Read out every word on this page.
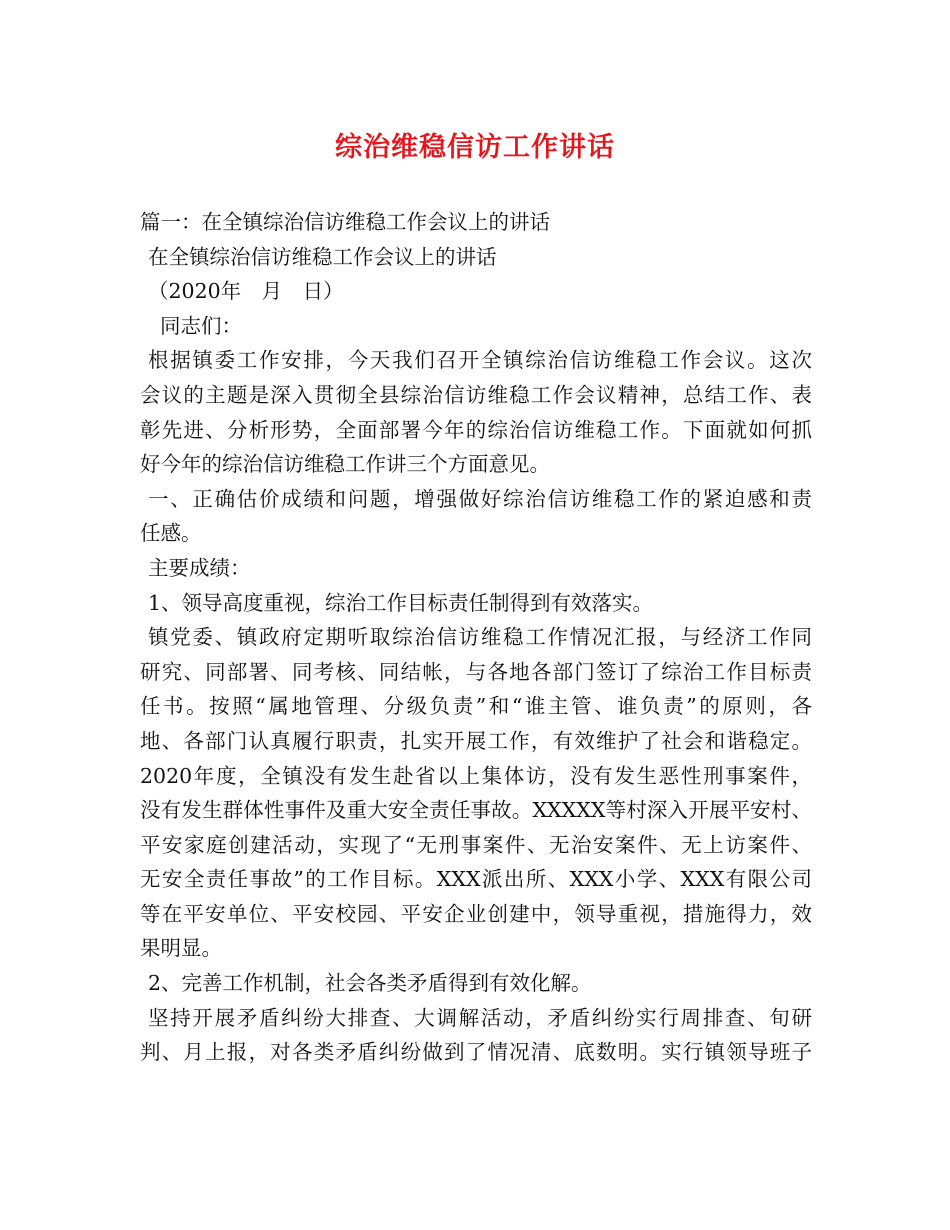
综治维稳信访工作讲话
篇一：在全镇综治信访维稳工作会议上的讲话
在全镇综治信访维稳工作会议上的讲话
（2020年　月　日）
同志们：
根据镇委工作安排，今天我们召开全镇综治信访维稳工作会议。这次
会议的主题是深入贯彻全县综治信访维稳工作会议精神，总结工作、表
彰先进、分析形势，全面部署今年的综治信访维稳工作。下面就如何抓
好今年的综治信访维稳工作讲三个方面意见。
一、正确估价成绩和问题，增强做好综治信访维稳工作的紧迫感和责
任感。
主要成绩：
1、领导高度重视，综治工作目标责任制得到有效落实。
镇党委、镇政府定期听取综治信访维稳工作情况汇报，与经济工作同
研究、同部署、同考核、同结帐，与各地各部门签订了综治工作目标责
任书。按照“属地管理、分级负责”和“谁主管、谁负责”的原则，各
地、各部门认真履行职责，扎实开展工作，有效维护了社会和谐稳定。
2020年度，全镇没有发生赴省以上集体访，没有发生恶性刑事案件，
没有发生群体性事件及重大安全责任事故。XXXXX等村深入开展平安村、
平安家庭创建活动，实现了“无刑事案件、无治安案件、无上访案件、
无安全责任事故”的工作目标。XXX派出所、XXX小学、XXX有限公司
等在平安单位、平安校园、平安企业创建中，领导重视，措施得力，效
果明显。
2、完善工作机制，社会各类矛盾得到有效化解。
坚持开展矛盾纠纷大排查、大调解活动，矛盾纠纷实行周排查、旬研
判、月上报，对各类矛盾纠纷做到了情况清、底数明。实行镇领导班子
